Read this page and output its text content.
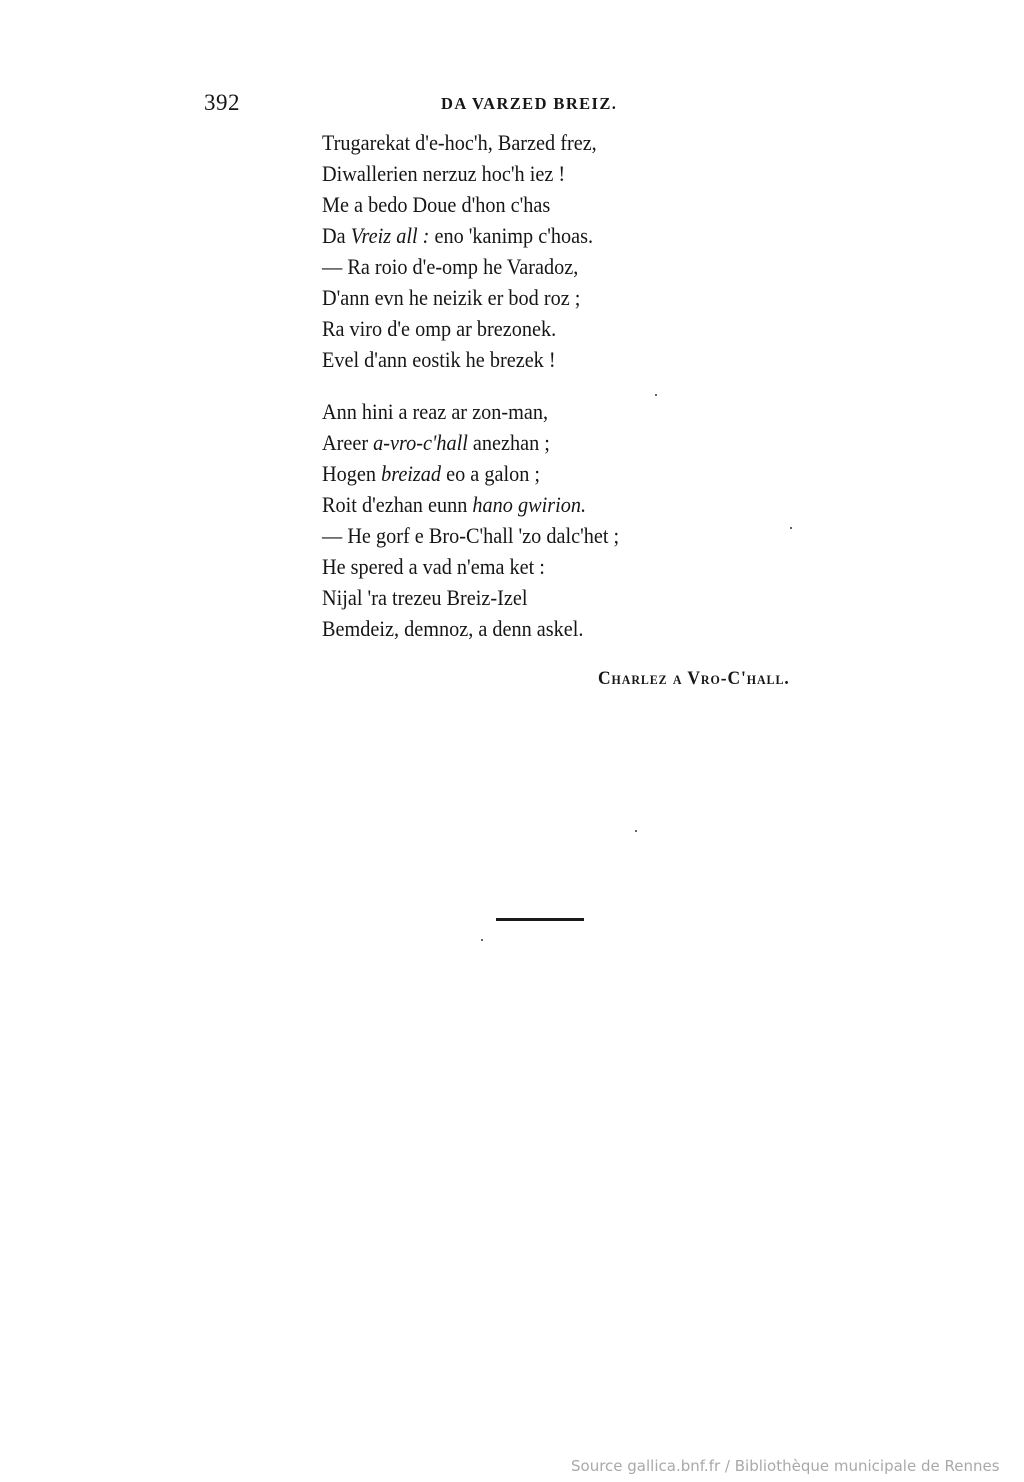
392	DA VARZED BREIZ.
Trugarekat d'e-hoc'h, Barzed frez,
Diwallerien nerzuz hoc'h iez !
Me a bedo Doue d'hon c'has
Da Vreiz all : eno 'kanimp c'hoas.
— Ra roio d'e-omp he Varadoz,
D'ann evn he neizik er bod roz ;
Ra viro d'e omp ar brezonek.
Evel d'ann eostik he brezek !
Ann hini a reaz ar zon-man,
Areer a-vro-c'hall anezhan ;
Hogen breizad eo a galon ;
Roit d'ezhan eunn hano gwirion.
— He gorf e Bro-C'hall 'zo dalc'het ;
He spered a vad n'ema ket :
Nijal 'ra trezeu Breiz-Izel
Bemdeiz, demnoz, a denn askel.
Charlez a Vro-C'hall.
Source gallica.bnf.fr / Bibliothèque municipale de Rennes
